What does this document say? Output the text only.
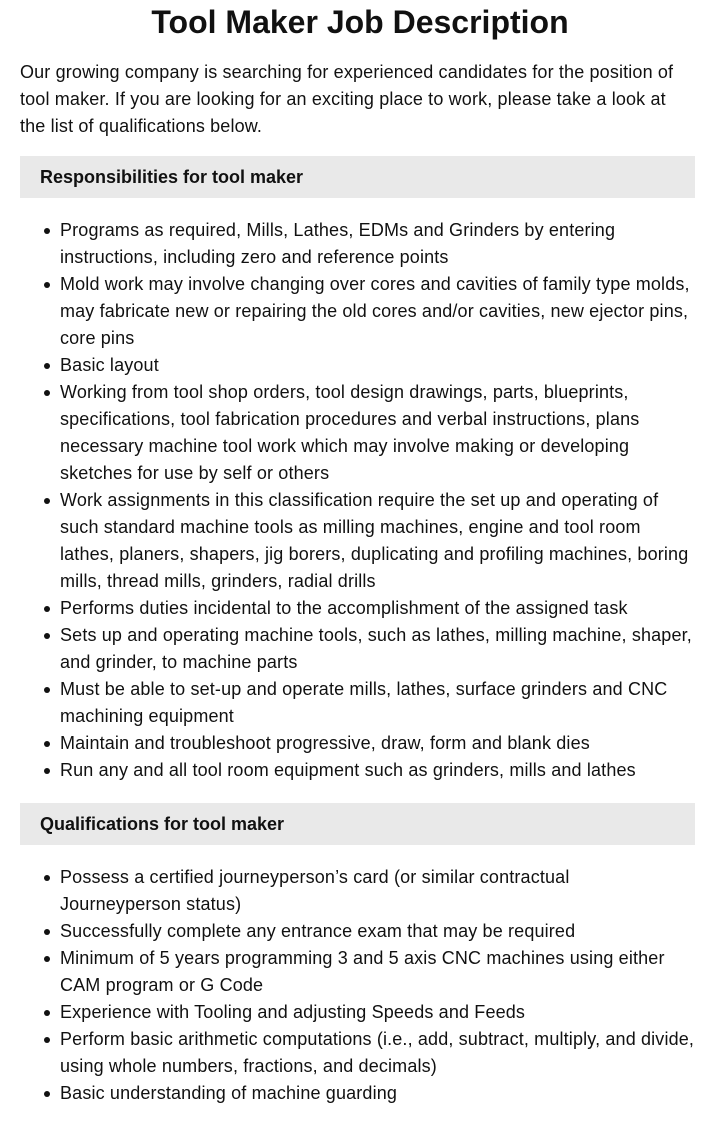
Tool Maker Job Description

Our growing company is searching for experienced candidates for the position of tool maker. If you are looking for an exciting place to work, please take a look at the list of qualifications below.

Responsibilities for tool maker
Programs as required, Mills, Lathes, EDMs and Grinders by entering instructions, including zero and reference points
Mold work may involve changing over cores and cavities of family type molds, may fabricate new or repairing the old cores and/or cavities, new ejector pins, core pins
Basic layout
Working from tool shop orders, tool design drawings, parts, blueprints, specifications, tool fabrication procedures and verbal instructions, plans necessary machine tool work which may involve making or developing sketches for use by self or others
Work assignments in this classification require the set up and operating of such standard machine tools as milling machines, engine and tool room lathes, planers, shapers, jig borers, duplicating and profiling machines, boring mills, thread mills, grinders, radial drills
Performs duties incidental to the accomplishment of the assigned task
Sets up and operating machine tools, such as lathes, milling machine, shaper, and grinder, to machine parts
Must be able to set-up and operate mills, lathes, surface grinders and CNC machining equipment
Maintain and troubleshoot progressive, draw, form and blank dies
Run any and all tool room equipment such as grinders, mills and lathes
Qualifications for tool maker
Possess a certified journeyperson’s card (or similar contractual Journeyperson status)
Successfully complete any entrance exam that may be required
Minimum of 5 years programming 3 and 5 axis CNC machines using either CAM program or G Code
Experience with Tooling and adjusting Speeds and Feeds
Perform basic arithmetic computations (i.e., add, subtract, multiply, and divide, using whole numbers, fractions, and decimals)
Basic understanding of machine guarding
